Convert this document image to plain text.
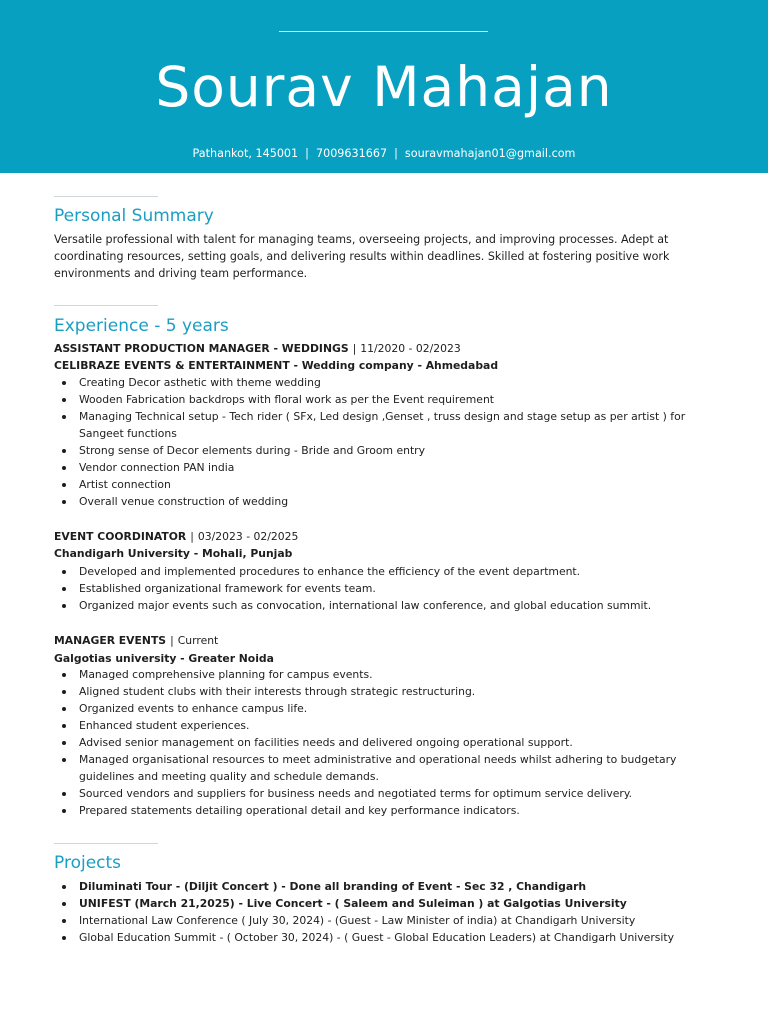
Sourav Mahajan
Pathankot, 145001 | 7009631667 | souravmahajan01@gmail.com
Personal Summary
Versatile professional with talent for managing teams, overseeing projects, and improving processes. Adept at coordinating resources, setting goals, and delivering results within deadlines. Skilled at fostering positive work environments and driving team performance.
Experience - 5 years
ASSISTANT PRODUCTION MANAGER - WEDDINGS | 11/2020 - 02/2023
CELIBRAZE EVENTS & ENTERTAINMENT - Wedding company - Ahmedabad
Creating Decor asthetic with theme wedding
Wooden Fabrication backdrops with floral work as per the Event requirement
Managing Technical setup - Tech rider ( SFx, Led design ,Genset , truss design and stage setup as per artist ) for Sangeet functions
Strong sense of Decor elements during - Bride and Groom entry
Vendor connection PAN india
Artist connection
Overall venue construction of wedding
EVENT COORDINATOR | 03/2023 - 02/2025
Chandigarh University - Mohali, Punjab
Developed and implemented procedures to enhance the efficiency of the event department.
Established organizational framework for events team.
Organized major events such as convocation, international law conference, and global education summit.
MANAGER EVENTS | Current
Galgotias university - Greater Noida
Managed comprehensive planning for campus events.
Aligned student clubs with their interests through strategic restructuring.
Organized events to enhance campus life.
Enhanced student experiences.
Advised senior management on facilities needs and delivered ongoing operational support.
Managed organisational resources to meet administrative and operational needs whilst adhering to budgetary guidelines and meeting quality and schedule demands.
Sourced vendors and suppliers for business needs and negotiated terms for optimum service delivery.
Prepared statements detailing operational detail and key performance indicators.
Projects
Diluminati Tour - (Diljit Concert ) - Done all branding of Event - Sec 32 , Chandigarh
UNIFEST (March 21,2025) - Live Concert - ( Saleem and Suleiman ) at Galgotias University
International Law Conference ( July 30, 2024) - (Guest - Law Minister of india) at Chandigarh University
Global Education Summit - ( October 30, 2024) - ( Guest - Global Education Leaders) at Chandigarh University
